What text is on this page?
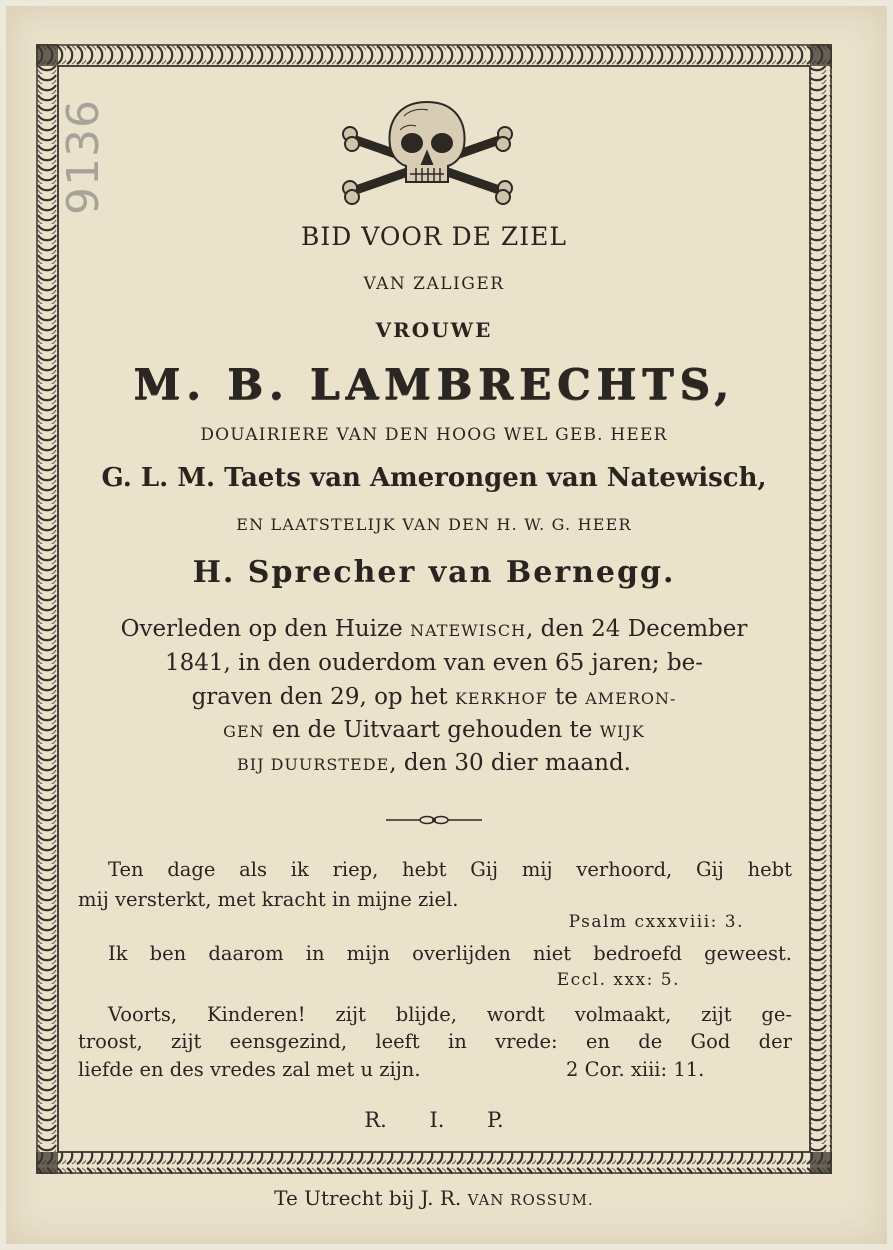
9136
BID VOOR DE ZIEL
VAN ZALIGER
VROUWE
M. B. LAMBRECHTS,
DOUAIRIERE VAN DEN HOOG WEL GEB. HEER
G. L. M. Taets van Amerongen van Natewisch,
EN LAATSTELIJK VAN DEN H. W. G. HEER
H. Sprecher van Bernegg.
Overleden op den Huize NATEWISCH, den 24 December
1841, in den ouderdom van even 65 jaren; be-
graven den 29, op het KERKHOF te AMERON-
GEN en de Uitvaart gehouden te WIJK
BIJ DUURSTEDE, den 30 dier maand.
Ten dage als ik riep, hebt Gij mij verhoord, Gij hebt
mij versterkt, met kracht in mijne ziel.
Psalm cxxxviii: 3.
Ik ben daarom in mijn overlijden niet bedroefd geweest.
Eccl. xxx: 5.
Voorts, Kinderen! zijt blijde, wordt volmaakt, zijt ge-
troost, zijt eensgezind, leeft in vrede: en de God der
liefde en des vredes zal met u zijn.	2 Cor. xiii: 11.
R. I. P.
Te Utrecht bij J. R. VAN ROSSUM.
